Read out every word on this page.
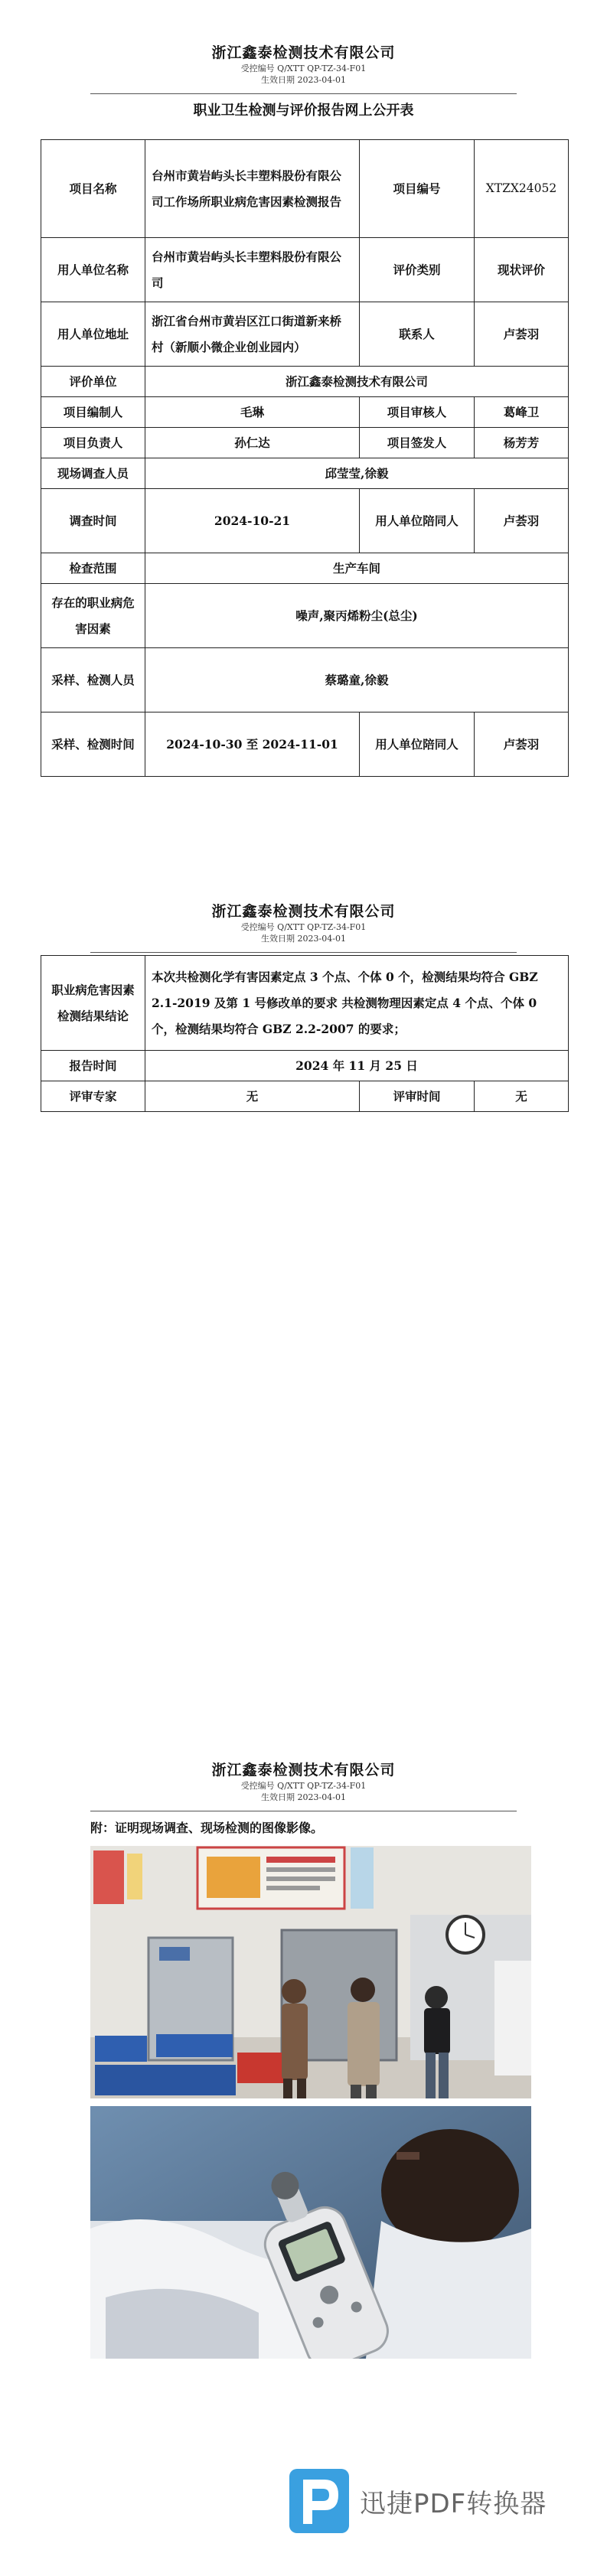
浙江鑫泰检测技术有限公司
受控编号 Q/XTT QP-TZ-34-F01
生效日期 2023-04-01
职业卫生检测与评价报告网上公开表
项目名称	台州市黄岩屿头长丰塑料股份有限公司工作场所职业病危害因素检测报告	项目编号	XTZX24052
用人单位名称	台州市黄岩屿头长丰塑料股份有限公司	评价类别	现状评价
用人单位地址	浙江省台州市黄岩区江口街道新来桥村（新顺小微企业创业园内）	联系人	卢荟羽
评价单位	浙江鑫泰检测技术有限公司		
项目编制人	毛琳	项目审核人	葛峰卫
项目负责人	孙仁达	项目签发人	杨芳芳
现场调查人员	邱莹莹,徐毅		
调查时间	2024-10-21	用人单位陪同人	卢荟羽
检查范围	生产车间		
存在的职业病危害因素	噪声,聚丙烯粉尘(总尘)		
采样、检测人员	蔡璐童,徐毅		
采样、检测时间	2024-10-30 至 2024-11-01	用人单位陪同人	卢荟羽
浙江鑫泰检测技术有限公司
受控编号 Q/XTT QP-TZ-34-F01
生效日期 2023-04-01
职业病危害因素检测结果结论	本次共检测化学有害因素定点 3 个点、个体 0 个，检测结果均符合 GBZ 2.1-2019 及第 1 号修改单的要求 共检测物理因素定点 4 个点、个体 0 个，检测结果均符合 GBZ 2.2-2007 的要求；		
报告时间	2024 年 11 月 25 日		
评审专家	无	评审时间	无
浙江鑫泰检测技术有限公司
受控编号 Q/XTT QP-TZ-34-F01
生效日期 2023-04-01
附：证明现场调查、现场检测的图像影像。
迅捷PDF转换器
